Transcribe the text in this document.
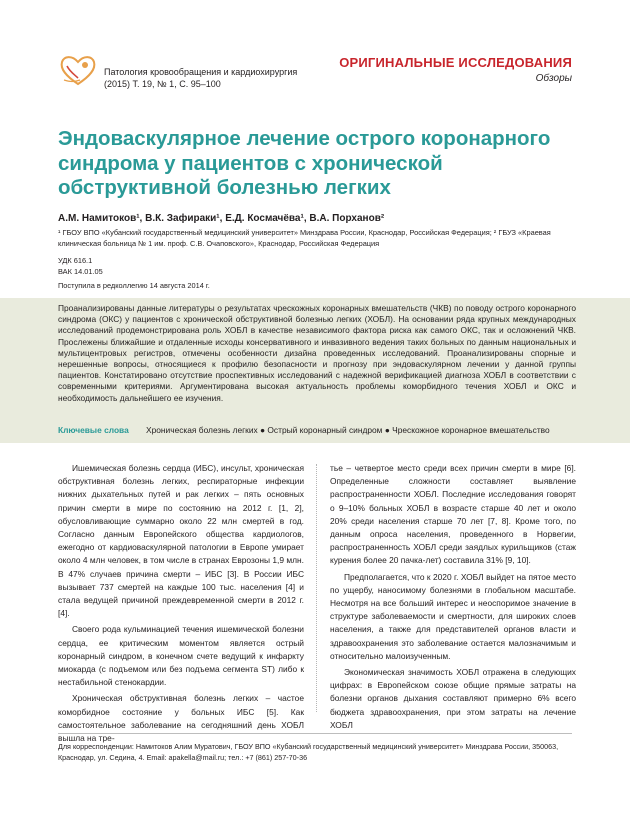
Патология кровообращения и кардиохирургия
(2015) Т. 19, № 1, С. 95–100
ОРИГИНАЛЬНЫЕ ИССЛЕДОВАНИЯ
Обзоры
Эндоваскулярное лечение острого коронарного синдрома у пациентов с хронической обструктивной болезнью легких
А.М. Намитоков¹, В.К. Зафираки¹, Е.Д. Космачёва¹, В.А. Порханов²
¹ ГБОУ ВПО «Кубанский государственный медицинский университет» Минздрава России, Краснодар, Российская Федерация; ² ГБУЗ «Краевая клиническая больница № 1 им. проф. С.В. Очаповского», Краснодар, Российская Федерация
УДК 616.1
ВАК 14.01.05
Поступила в редколлегию 14 августа 2014 г.
Проанализированы данные литературы о результатах чрескожных коронарных вмешательств (ЧКВ) по поводу острого коронарного синдрома (ОКС) у пациентов с хронической обструктивной болезнью легких (ХОБЛ). На основании ряда крупных международных исследований продемонстрирована роль ХОБЛ в качестве независимого фактора риска как самого ОКС, так и осложнений ЧКВ. Прослежены ближайшие и отдаленные исходы консервативного и инвазивного ведения таких больных по данным национальных и мультицентровых регистров, отмечены особенности дизайна проведенных исследований. Проанализированы спорные и нерешенные вопросы, относящиеся к профилю безопасности и прогнозу при эндоваскулярном лечении у данной группы пациентов. Констатировано отсутствие проспективных исследований с надежной верификацией диагноза ХОБЛ в соответствии с современными критериями. Аргументирована высокая актуальность проблемы коморбидного течения ХОБЛ и ОКС и необходимость дальнейшего ее изучения.
Ключевые слова Хроническая болезнь легких ● Острый коронарный синдром ● Чрескожное коронарное вмешательство

Ишемическая болезнь сердца (ИБС), инсульт, хроническая обструктивная болезнь легких, респираторные инфекции нижних дыхательных путей и рак легких – пять основных причин смерти в мире по состоянию на 2012 г. [1, 2], обусловливающие суммарно около 22 млн смертей в год. Согласно данным Европейского общества кардиологов, ежегодно от кардиоваскулярной патологии в Европе умирает около 4 млн человек, в том числе в странах Еврозоны 1,9 млн. В 47% случаев причина смерти – ИБС [3]. В России ИБС вызывает 737 смертей на каждые 100 тыс. населения [4] и стала ведущей причиной преждевременной смерти в 2012 г. [4].

Своего рода кульминацией течения ишемической болезни сердца, ее критическим моментом является острый коронарный синдром, в конечном счете ведущий к инфаркту миокарда (с подъемом или без подъема сегмента ST) либо к нестабильной стенокардии.

Хроническая обструктивная болезнь легких – частое коморбидное состояние у больных ИБС [5]. Как самостоятельное заболевание на сегодняшний день ХОБЛ вышла на тре-

тье – четвертое место среди всех причин смерти в мире [6]. Определенные сложности составляет выявление распространенности ХОБЛ. Последние исследования говорят о 9–10% больных ХОБЛ в возрасте старше 40 лет и около 20% среди населения старше 70 лет [7, 8]. Кроме того, по данным опроса населения, проведенного в Норвегии, распространенность ХОБЛ среди заядлых курильщиков (стаж курения более 20 пачка-лет) составила 31% [9, 10].

Предполагается, что к 2020 г. ХОБЛ выйдет на пятое место по ущербу, наносимому болезнями в глобальном масштабе. Несмотря на все больший интерес и неоспоримое значение в структуре заболеваемости и смертности, для широких слоев населения, а также для представителей органов власти и здравоохранения это заболевание остается малозначимым и относительно малоизученным.

Экономическая значимость ХОБЛ отражена в следующих цифрах: в Европейском союзе общие прямые затраты на болезни органов дыхания составляют примерно 6% всего бюджета здравоохранения, при этом затраты на лечение ХОБЛ

Для корреспонденции: Намитоков Алим Муратович, ГБОУ ВПО «Кубанский государственный медицинский университет» Минздрава России, 350063, Краснодар, ул. Седина, 4. Email: apakella@mail.ru; тел.: +7 (861) 257-70-36
